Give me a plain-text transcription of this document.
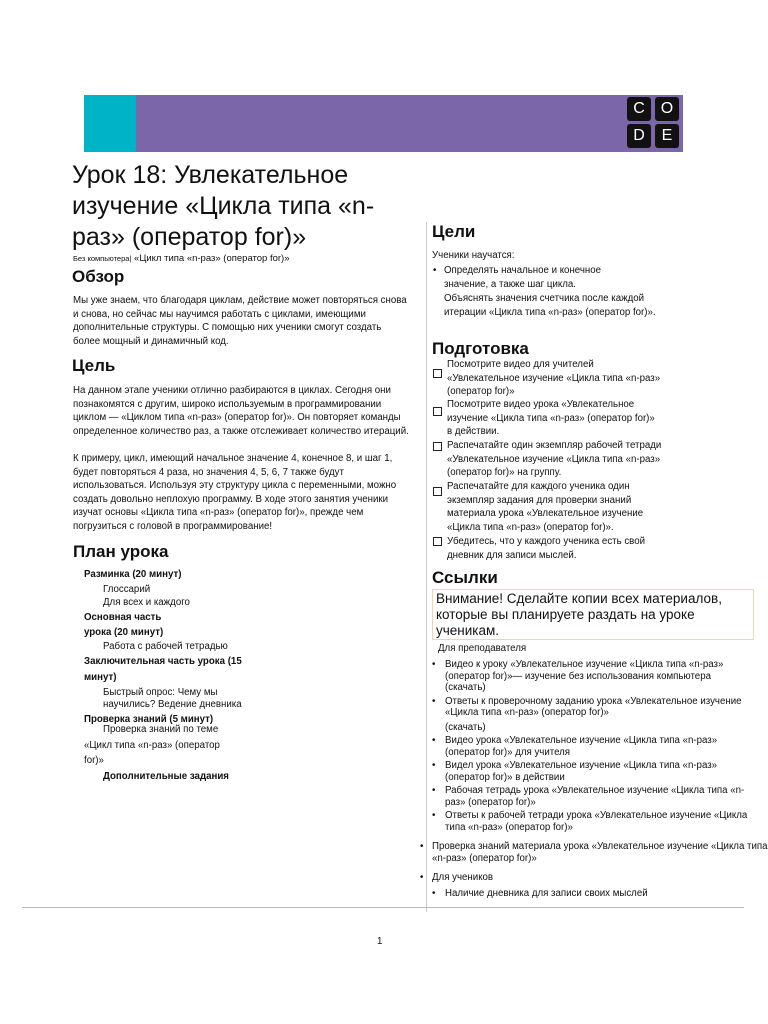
C O
D	E
Урок 18: Увлекательное изучение «Цикла типа «n-раз» (оператор for)»
Без компьютера| «Цикл типа «n-раз» (оператор for)»
Обзор
Мы уже знаем, что благодаря циклам, действие может повторяться снова и снова, но сейчас мы научимся работать с циклами, имеющими дополнительные структуры. С помощью них ученики смогут создать более мощный и динамичный код.
Цель
На данном этапе ученики отлично разбираются в циклах. Сегодня они познакомятся с другим, широко используемым в программировании циклом — «Циклом типа «n-раз» (оператор for)». Он повторяет команды определенное количество раз, а также отслеживает количество итераций.
К примеру, цикл, имеющий начальное значение 4, конечное 8, и шаг 1, будет повторяться 4 раза, но значения 4, 5, 6, 7 также будут использоваться. Используя эту структуру цикла с переменными, можно создать довольно неплохую программу. В ходе этого занятия ученики изучат основы «Цикла типа «n-раз» (оператор for)», прежде чем погрузиться с головой в программирование!
План урока
Разминка (20 минут)
Глоссарий
Для всех и каждого
Основная часть
урока (20 минут)
Работа с рабочей тетрадью
Заключительная часть урока (15
минут)
Быстрый опрос: Чему мы
научились? Ведение дневника
Проверка знаний (5 минут)
Проверка знаний по теме
«Цикл типа «n-раз» (оператор
for)»
Дополнительные задания
Цели
Ученики научатся:
• Определять начальное и конечное значение, а также шаг цикла.
Объяснять значения счетчика после каждой итерации «Цикла типа «n-раз» (оператор for)».
Подготовка
Посмотрите видео для учителей «Увлекательное изучение «Цикла типа «n-раз» (оператор for)»
Посмотрите видео урока «Увлекательное изучение «Цикла типа «n-раз» (оператор for)» в действии.
Распечатайте один экземпляр рабочей тетради «Увлекательное изучение «Цикла типа «n-раз» (оператор for)» на группу.
Распечатайте для каждого ученика один экземпляр задания для проверки знаний материала урока «Увлекательное изучение «Цикла типа «n-раз» (оператор for)».
Убедитесь, что у каждого ученика есть свой дневник для записи мыслей.
Ссылки
Внимание! Сделайте копии всех материалов, которые вы планируете раздать на уроке ученикам.
Для преподавателя
• Видео к уроку «Увлекательное изучение «Цикла типа «n-раз» (оператор for)»— изучение без использования компьютера (скачать)
• Ответы к проверочному заданию урока «Увлекательное изучение «Цикла типа «n-раз» (оператор for)»
(скачать)
• Видео урока «Увлекательное изучение «Цикла типа «n-раз» (оператор for)» для учителя
• Видел урока «Увлекательное изучение «Цикла типа «n-раз» (оператор for)» в действии
• Рабочая тетрадь урока «Увлекательное изучение «Цикла типа «n-раз» (оператор for)»
• Ответы к рабочей тетради урока «Увлекательное изучение «Цикла типа «n-раз» (оператор for)»
• Проверка знаний материала урока «Увлекательное изучение «Цикла типа «n-раз» (оператор for)»
• Для учеников
• Наличие дневника для записи своих мыслей
1
